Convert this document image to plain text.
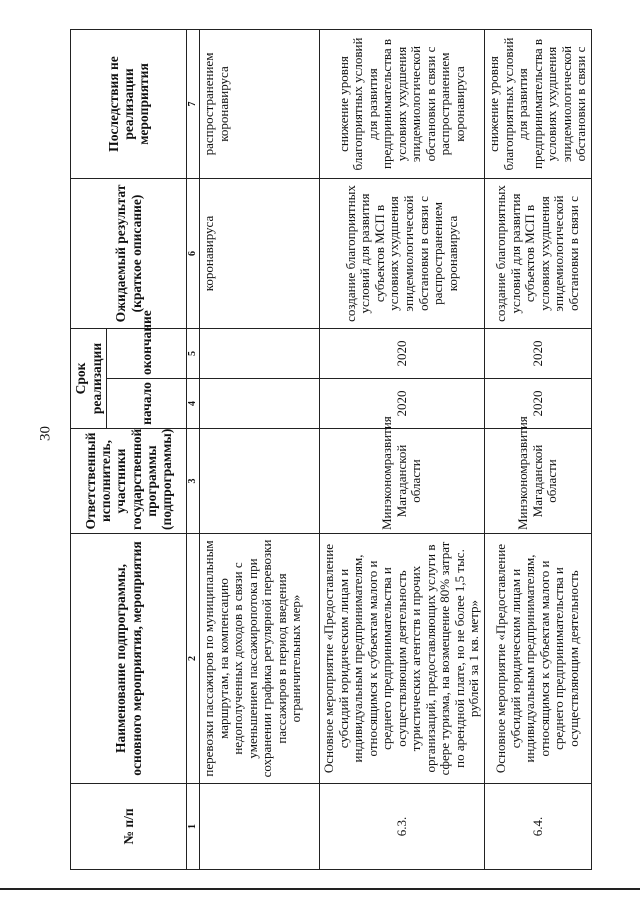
30
№ п/п	Наименование подпрограммы, основного мероприятия, мероприятия	Ответственный исполнитель, участники государственной программы (подпрограммы)	Срок реализации		Ожидаемый результат (краткое описание)	Последствия не реализации мероприятия
			начало	окончание		
1	2	3	4	5	6	7
	перевозки пассажиров по муниципальным маршрутам, на компенсацию недополученных доходов в связи с уменьшением пассажиропотока при сохранении графика регулярной перевозки пассажиров в период введения ограничительных мер»				коронавируса	распространением коронавируса
6.3.	Основное мероприятие «Предоставление субсидий юридическим лицам и индивидуальным предпринимателям, относящимся к субъектам малого и среднего предпринимательства и осуществляющим деятельность туристических агентств и прочих организаций, предоставляющих услуги в сфере туризма, на возмещение 80% затрат по арендной плате, но не более 1,5 тыс. рублей за 1 кв. метр»	Минэкономразвития Магаданской области	2020	2020	создание благоприятных условий для развития субъектов МСП в условиях ухудшения эпидемиологической обстановки в связи с распространением коронавируса	снижение уровня благоприятных условий для развития предпринимательства в условиях ухудшения эпидемиологической обстановки в связи с распространением коронавируса
6.4.	Основное мероприятие «Предоставление субсидий юридическим лицам и индивидуальным предпринимателям, относящимся к субъектам малого и среднего предпринимательства и осуществляющим деятельность	Минэкономразвития Магаданской области	2020	2020	создание благоприятных условий для развития субъектов МСП в условиях ухудшения эпидемиологической обстановки в связи с	снижение уровня благоприятных условий для развития предпринимательства в условиях ухудшения эпидемиологической обстановки в связи с
